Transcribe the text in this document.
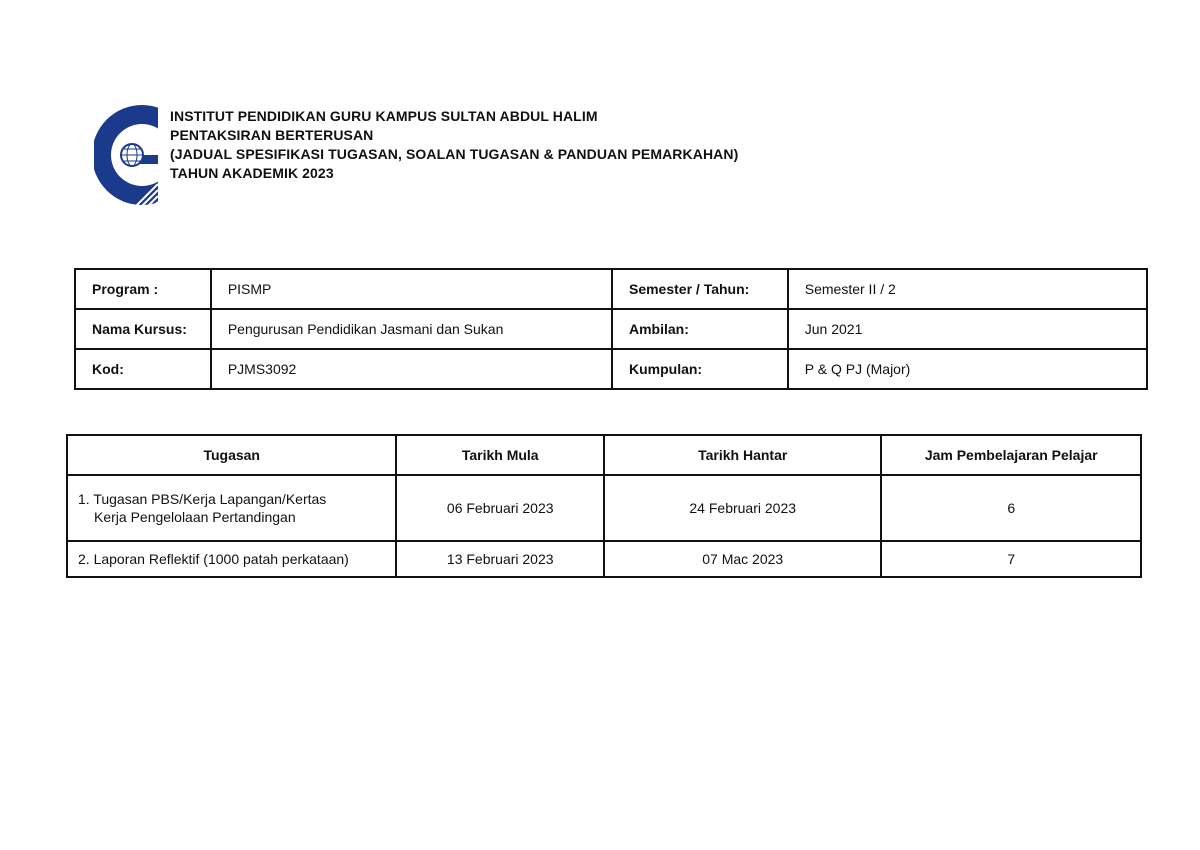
INSTITUT PENDIDIKAN GURU KAMPUS SULTAN ABDUL HALIM
PENTAKSIRAN BERTERUSAN
(JADUAL SPESIFIKASI TUGASAN, SOALAN TUGASAN & PANDUAN PEMARKAHAN)
TAHUN AKADEMIK 2023
Program :	PISMP	Semester / Tahun:	Semester II / 2
Nama Kursus:	Pengurusan Pendidikan Jasmani dan Sukan	Ambilan:	Jun 2021
Kod:	PJMS3092	Kumpulan:	P & Q PJ (Major)
Tugasan	Tarikh Mula	Tarikh Hantar	Jam Pembelajaran Pelajar

1. Tugasan PBS/Kerja Lapangan/Kertas
Kerja Pengelolaan Pertandingan	06 Februari 2023	24 Februari 2023	6
2. Laporan Reflektif (1000 patah perkataan)	13 Februari 2023	07 Mac 2023	7
